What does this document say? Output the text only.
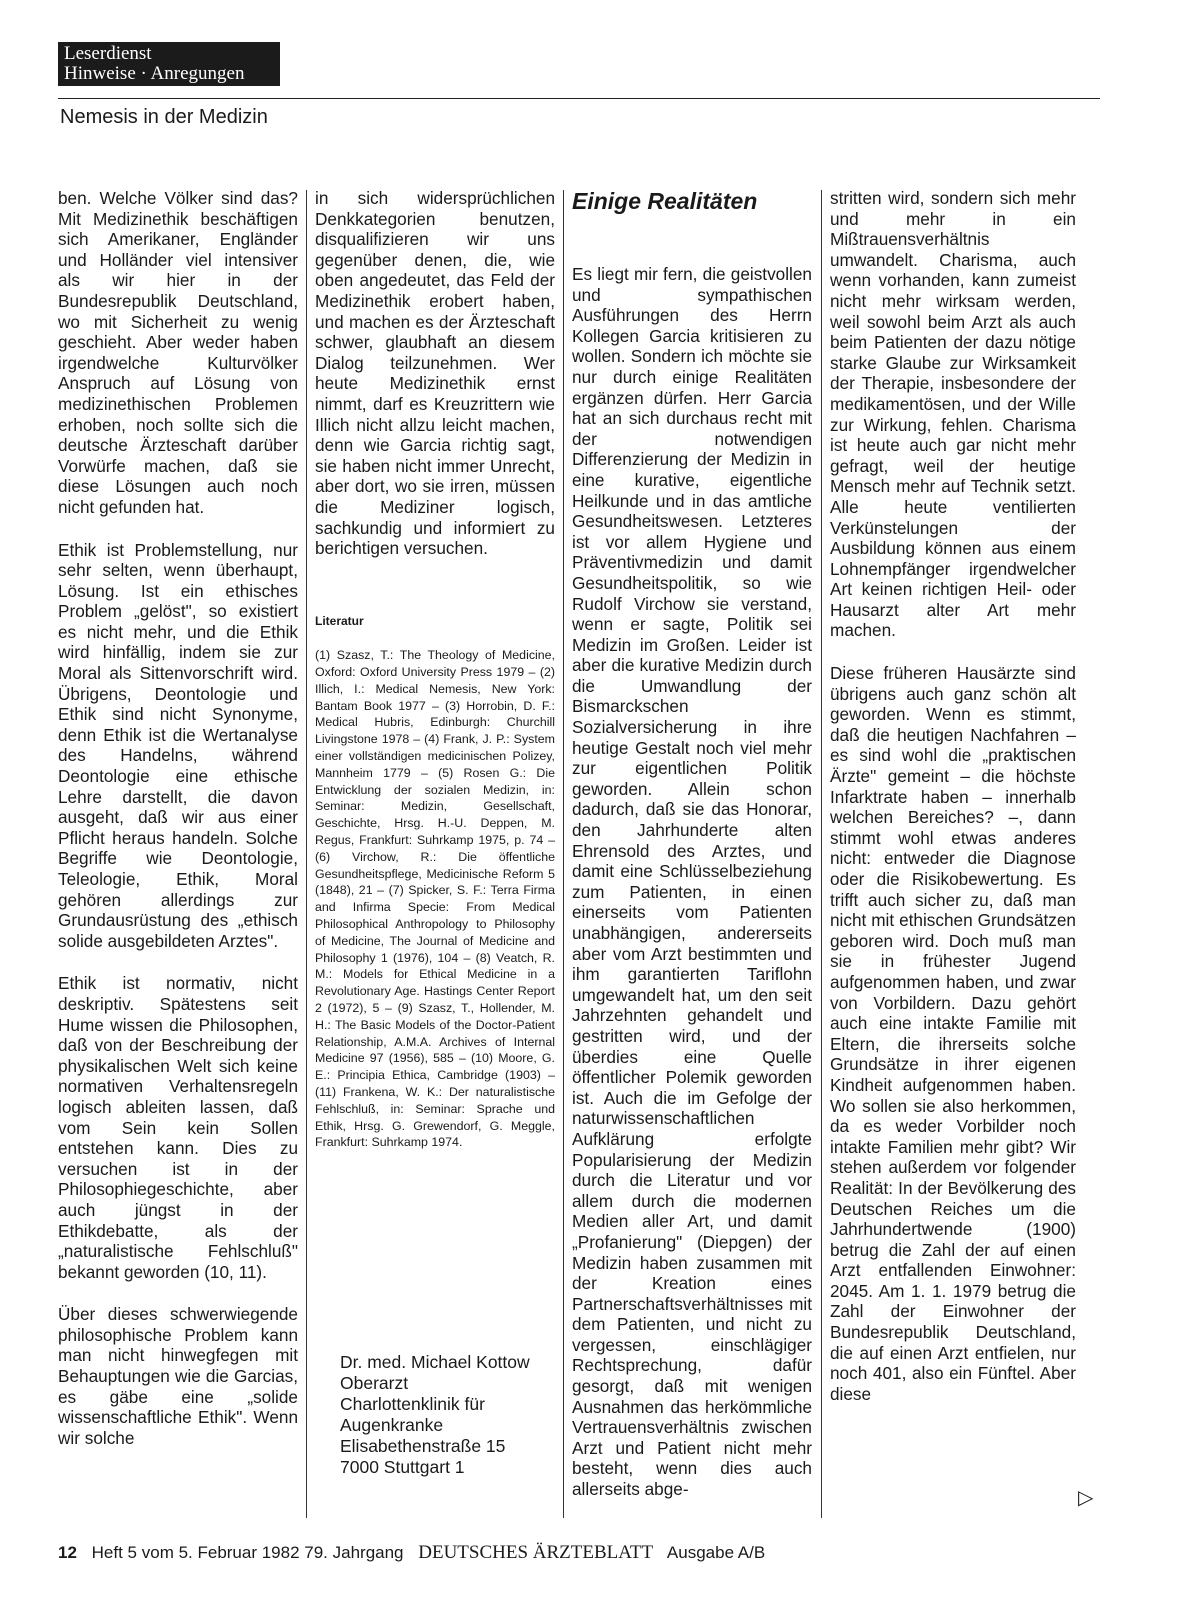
Leserdienst
Hinweise · Anregungen
Nemesis in der Medizin

ben. Welche Völker sind das? Mit Medizinethik beschäftigen sich Amerikaner, Engländer und Holländer viel intensiver als wir hier in der Bundesrepublik Deutschland, wo mit Sicherheit zu wenig geschieht. Aber weder haben irgendwelche Kulturvölker Anspruch auf Lösung von medizinethischen Problemen erhoben, noch sollte sich die deutsche Ärzteschaft darüber Vorwürfe machen, daß sie diese Lösungen auch noch nicht gefunden hat.

Ethik ist Problemstellung, nur sehr selten, wenn überhaupt, Lösung. Ist ein ethisches Problem „gelöst", so existiert es nicht mehr, und die Ethik wird hinfällig, indem sie zur Moral als Sittenvorschrift wird. Übrigens, Deontologie und Ethik sind nicht Synonyme, denn Ethik ist die Wertanalyse des Handelns, während Deontologie eine ethische Lehre darstellt, die davon ausgeht, daß wir aus einer Pflicht heraus handeln. Solche Begriffe wie Deontologie, Teleologie, Ethik, Moral gehören allerdings zur Grundausrüstung des „ethisch solide ausgebildeten Arztes".

Ethik ist normativ, nicht deskriptiv. Spätestens seit Hume wissen die Philosophen, daß von der Beschreibung der physikalischen Welt sich keine normativen Verhaltensregeln logisch ableiten lassen, daß vom Sein kein Sollen entstehen kann. Dies zu versuchen ist in der Philosophiegeschichte, aber auch jüngst in der Ethikdebatte, als der „naturalistische Fehlschluß" bekannt geworden (10, 11).

Über dieses schwerwiegende philosophische Problem kann man nicht hinwegfegen mit Behauptungen wie die Garcias, es gäbe eine „solide wissenschaftliche Ethik". Wenn wir solche

in sich widersprüchlichen Denkkategorien benutzen, disqualifizieren wir uns gegenüber denen, die, wie oben angedeutet, das Feld der Medizinethik erobert haben, und machen es der Ärzteschaft schwer, glaubhaft an diesem Dialog teilzunehmen. Wer heute Medizinethik ernst nimmt, darf es Kreuzrittern wie Illich nicht allzu leicht machen, denn wie Garcia richtig sagt, sie haben nicht immer Unrecht, aber dort, wo sie irren, müssen die Mediziner logisch, sachkundig und informiert zu berichtigen versuchen.

Literatur
(1) Szasz, T.: The Theology of Medicine, Oxford: Oxford University Press 1979 – (2) Illich, I.: Medical Nemesis, New York: Bantam Book 1977 – (3) Horrobin, D. F.: Medical Hubris, Edinburgh: Churchill Livingstone 1978 – (4) Frank, J. P.: System einer vollständigen medicinischen Polizey, Mannheim 1779 – (5) Rosen G.: Die Entwicklung der sozialen Medizin, in: Seminar: Medizin, Gesellschaft, Geschichte, Hrsg. H.-U. Deppen, M. Regus, Frankfurt: Suhrkamp 1975, p. 74 – (6) Virchow, R.: Die öffentliche Gesundheitspflege, Medicinische Reform 5 (1848), 21 – (7) Spicker, S. F.: Terra Firma and Infirma Specie: From Medical Philosophical Anthropology to Philosophy of Medicine, The Journal of Medicine and Philosophy 1 (1976), 104 – (8) Veatch, R. M.: Models for Ethical Medicine in a Revolutionary Age. Hastings Center Report 2 (1972), 5 – (9) Szasz, T., Hollender, M. H.: The Basic Models of the Doctor-Patient Relationship, A.M.A. Archives of Internal Medicine 97 (1956), 585 – (10) Moore, G. E.: Principia Ethica, Cambridge (1903) – (11) Frankena, W. K.: Der naturalistische Fehlschluß, in: Seminar: Sprache und Ethik, Hrsg. G. Grewendorf, G. Meggle, Frankfurt: Suhrkamp 1974.
Dr. med. Michael Kottow
Oberarzt
Charlottenklinik für
Augenkranke
Elisabethenstraße 15
7000 Stuttgart 1
Einige Realitäten

Es liegt mir fern, die geistvollen und sympathischen Ausführungen des Herrn Kollegen Garcia kritisieren zu wollen. Sondern ich möchte sie nur durch einige Realitäten ergänzen dürfen. Herr Garcia hat an sich durchaus recht mit der notwendigen Differenzierung der Medizin in eine kurative, eigentliche Heilkunde und in das amtliche Gesundheitswesen. Letzteres ist vor allem Hygiene und Präventivmedizin und damit Gesundheitspolitik, so wie Rudolf Virchow sie verstand, wenn er sagte, Politik sei Medizin im Großen. Leider ist aber die kurative Medizin durch die Umwandlung der Bismarckschen Sozialversicherung in ihre heutige Gestalt noch viel mehr zur eigentlichen Politik geworden. Allein schon dadurch, daß sie das Honorar, den Jahrhunderte alten Ehrensold des Arztes, und damit eine Schlüsselbeziehung zum Patienten, in einen einerseits vom Patienten unabhängigen, andererseits aber vom Arzt bestimmten und ihm garantierten Tariflohn umgewandelt hat, um den seit Jahrzehnten gehandelt und gestritten wird, und der überdies eine Quelle öffentlicher Polemik geworden ist. Auch die im Gefolge der naturwissenschaftlichen Aufklärung erfolgte Popularisierung der Medizin durch die Literatur und vor allem durch die modernen Medien aller Art, und damit „Profanierung" (Diepgen) der Medizin haben zusammen mit der Kreation eines Partnerschaftsverhältnisses mit dem Patienten, und nicht zu vergessen, einschlägiger Rechtsprechung, dafür gesorgt, daß mit wenigen Ausnahmen das herkömmliche Vertrauensverhältnis zwischen Arzt und Patient nicht mehr besteht, wenn dies auch allerseits abge-

stritten wird, sondern sich mehr und mehr in ein Mißtrauensverhältnis umwandelt. Charisma, auch wenn vorhanden, kann zumeist nicht mehr wirksam werden, weil sowohl beim Arzt als auch beim Patienten der dazu nötige starke Glaube zur Wirksamkeit der Therapie, insbesondere der medikamentösen, und der Wille zur Wirkung, fehlen. Charisma ist heute auch gar nicht mehr gefragt, weil der heutige Mensch mehr auf Technik setzt. Alle heute ventilierten Verkünstelungen der Ausbildung können aus einem Lohnempfänger irgendwelcher Art keinen richtigen Heil- oder Hausarzt alter Art mehr machen.

Diese früheren Hausärzte sind übrigens auch ganz schön alt geworden. Wenn es stimmt, daß die heutigen Nachfahren – es sind wohl die „praktischen Ärzte" gemeint – die höchste Infarktrate haben – innerhalb welchen Bereiches? –, dann stimmt wohl etwas anderes nicht: entweder die Diagnose oder die Risikobewertung. Es trifft auch sicher zu, daß man nicht mit ethischen Grundsätzen geboren wird. Doch muß man sie in frühester Jugend aufgenommen haben, und zwar von Vorbildern. Dazu gehört auch eine intakte Familie mit Eltern, die ihrerseits solche Grundsätze in ihrer eigenen Kindheit aufgenommen haben. Wo sollen sie also herkommen, da es weder Vorbilder noch intakte Familien mehr gibt? Wir stehen außerdem vor folgender Realität: In der Bevölkerung des Deutschen Reiches um die Jahrhundertwende (1900) betrug die Zahl der auf einen Arzt entfallenden Einwohner: 2045. Am 1. 1. 1979 betrug die Zahl der Einwohner der Bundesrepublik Deutschland, die auf einen Arzt entfielen, nur noch 401, also ein Fünftel. Aber diese

▷
12 Heft 5 vom 5. Februar 1982 79. Jahrgang DEUTSCHES ÄRZTEBLATT Ausgabe A/B
